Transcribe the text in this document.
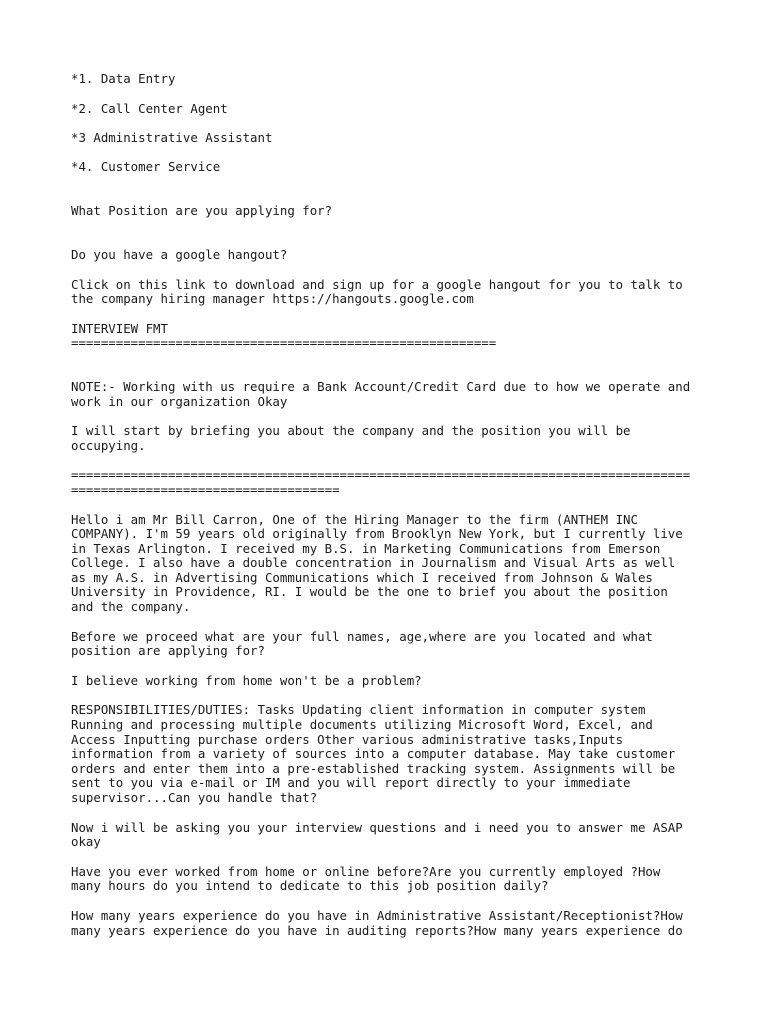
*1. Data Entry

*2. Call Center Agent

*3 Administrative Assistant

*4. Customer Service

What Position are you applying for?

Do you have a google hangout?

Click on this link to download and sign up for a google hangout for you to talk to
the company hiring manager https://hangouts.google.com

INTERVIEW FMT

=========================================================

NOTE:- Working with us require a Bank Account/Credit Card due to how we operate and
work in our organization Okay

I will start by briefing you about the company and the position you will be
occupying.

===================================================================================
====================================

Hello i am Mr Bill Carron, One of the Hiring Manager to the firm (ANTHEM INC
COMPANY). I'm 59 years old originally from Brooklyn New York, but I currently live
in Texas Arlington. I received my B.S. in Marketing Communications from Emerson
College. I also have a double concentration in Journalism and Visual Arts as well
as my A.S. in Advertising Communications which I received from Johnson & Wales
University in Providence, RI. I would be the one to brief you about the position
and the company.

Before we proceed what are your full names, age,where are you located and what
position are applying for?

I believe working from home won't be a problem?

RESPONSIBILITIES/DUTIES: Tasks Updating client information in computer system
Running and processing multiple documents utilizing Microsoft Word, Excel, and
Access Inputting purchase orders Other various administrative tasks,Inputs
information from a variety of sources into a computer database. May take customer
orders and enter them into a pre-established tracking system. Assignments will be
sent to you via e-mail or IM and you will report directly to your immediate
supervisor...Can you handle that?

Now i will be asking you your interview questions and i need you to answer me ASAP
okay

Have you ever worked from home or online before?Are you currently employed ?How
many hours do you intend to dedicate to this job position daily?

How many years experience do you have in Administrative Assistant/Receptionist?How
many years experience do you have in auditing reports?How many years experience do
